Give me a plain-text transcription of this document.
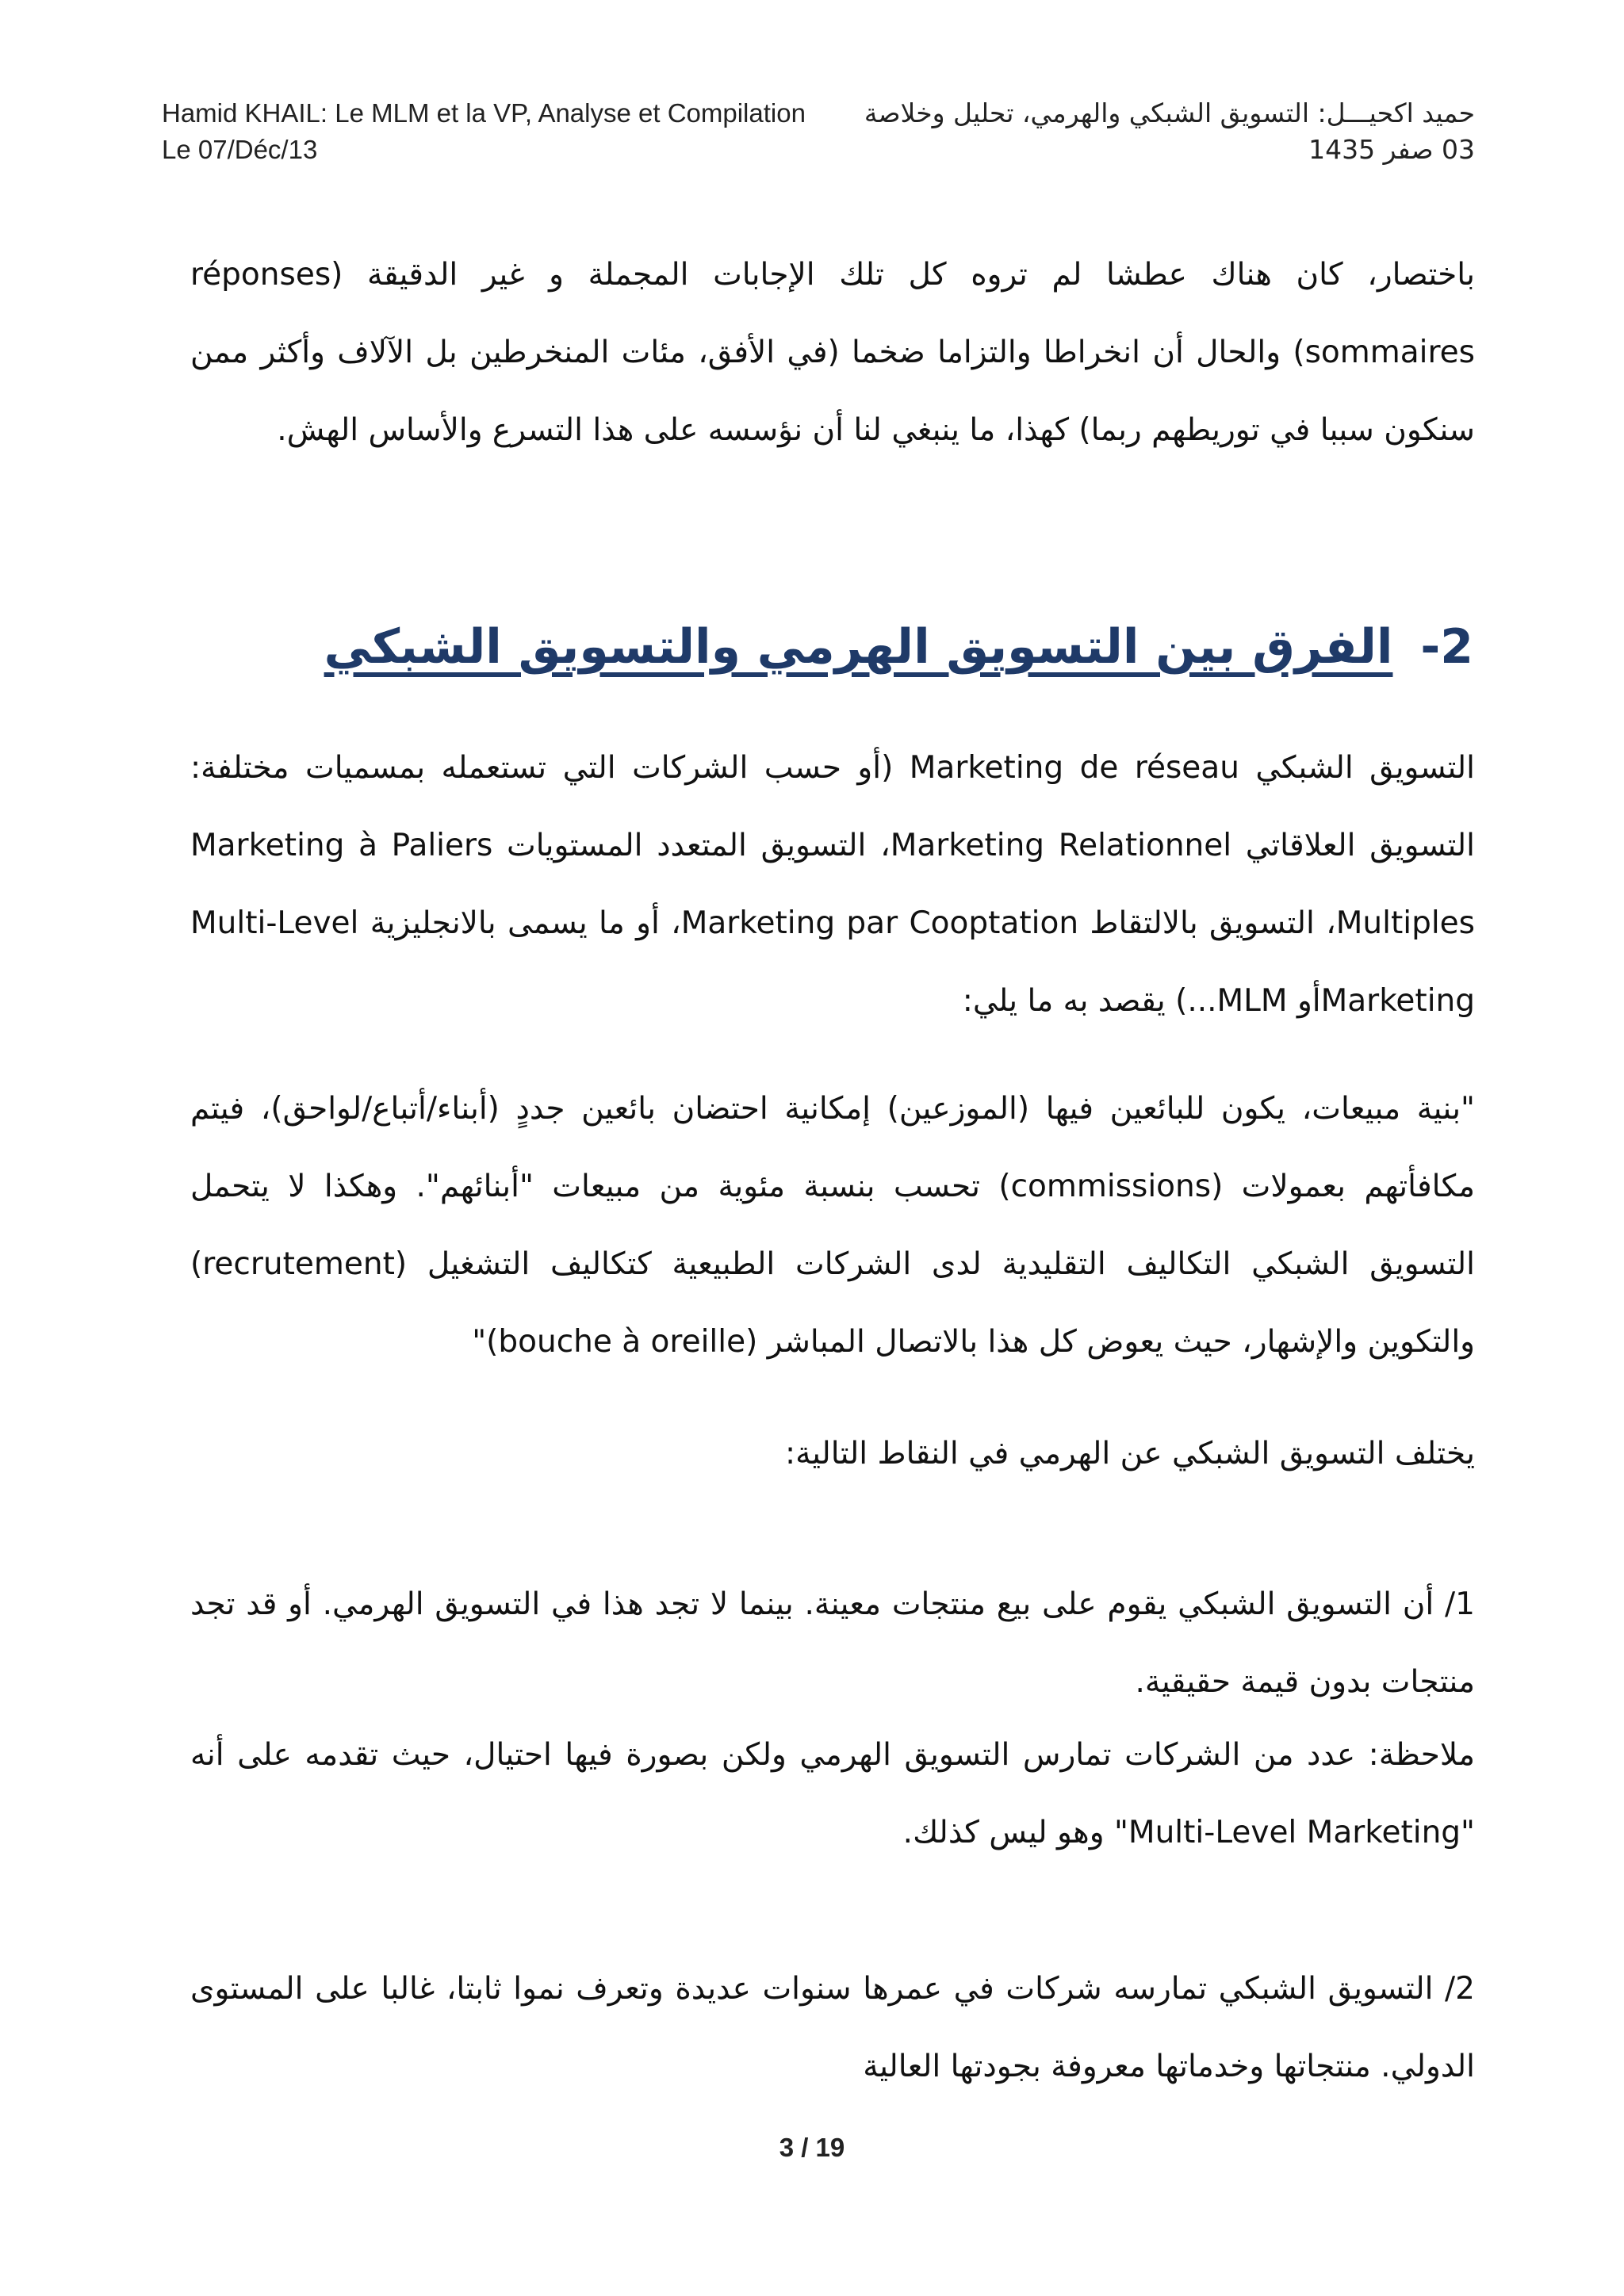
Hamid KHAIL: Le MLM et la VP, Analyse et Compilation
Le 07/Déc/13
حميد اكحيـــل: التسويق الشبكي والهرمي، تحليل وخلاصة
03 صفر 1435

باختصار، كان هناك عطشا لم تروه كل تلك الإجابات المجملة و غير الدقيقة (réponses sommaires) والحال أن انخراطا والتزاما ضخما (في الأفق، مئات المنخرطين بل الآلاف وأكثر ممن سنكون سببا في توريطهم ربما) كهذا، ما ينبغي لنا أن نؤسسه على هذا التسرع والأساس الهش.

2- الفرق بين التسويق الهرمي والتسويق الشبكي

التسويق الشبكي Marketing de réseau (أو حسب الشركات التي تستعمله بمسميات مختلفة: التسويق العلاقاتي Marketing Relationnel، التسويق المتعدد المستويات Marketing à Paliers Multiples، التسويق بالالتقاط Marketing par Cooptation، أو ما يسمى بالانجليزية Multi-Level Marketingأو MLM...) يقصد به ما يلي:

"بنية مبيعات، يكون للبائعين فيها (الموزعين) إمكانية احتضان بائعين جددٍ (أبناء/أتباع/لواحق)، فيتم مكافأتهم بعمولات (commissions) تحسب بنسبة مئوية من مبيعات "أبنائهم". وهكذا لا يتحمل التسويق الشبكي التكاليف التقليدية لدى الشركات الطبيعية كتكاليف التشغيل (recrutement) والتكوين والإشهار، حيث يعوض كل هذا بالاتصال المباشر (bouche à oreille)"

يختلف التسويق الشبكي عن الهرمي في النقاط التالية:

1/ أن التسويق الشبكي يقوم على بيع منتجات معينة. بينما لا تجد هذا في التسويق الهرمي. أو قد تجد منتجات بدون قيمة حقيقية.

ملاحظة: عدد من الشركات تمارس التسويق الهرمي ولكن بصورة فيها احتيال، حيث تقدمه على أنه "Multi-Level Marketing" وهو ليس كذلك.

2/ التسويق الشبكي تمارسه شركات في عمرها سنوات عديدة وتعرف نموا ثابتا، غالبا على المستوى الدولي. منتجاتها وخدماتها معروفة بجودتها العالية

3 / 19
